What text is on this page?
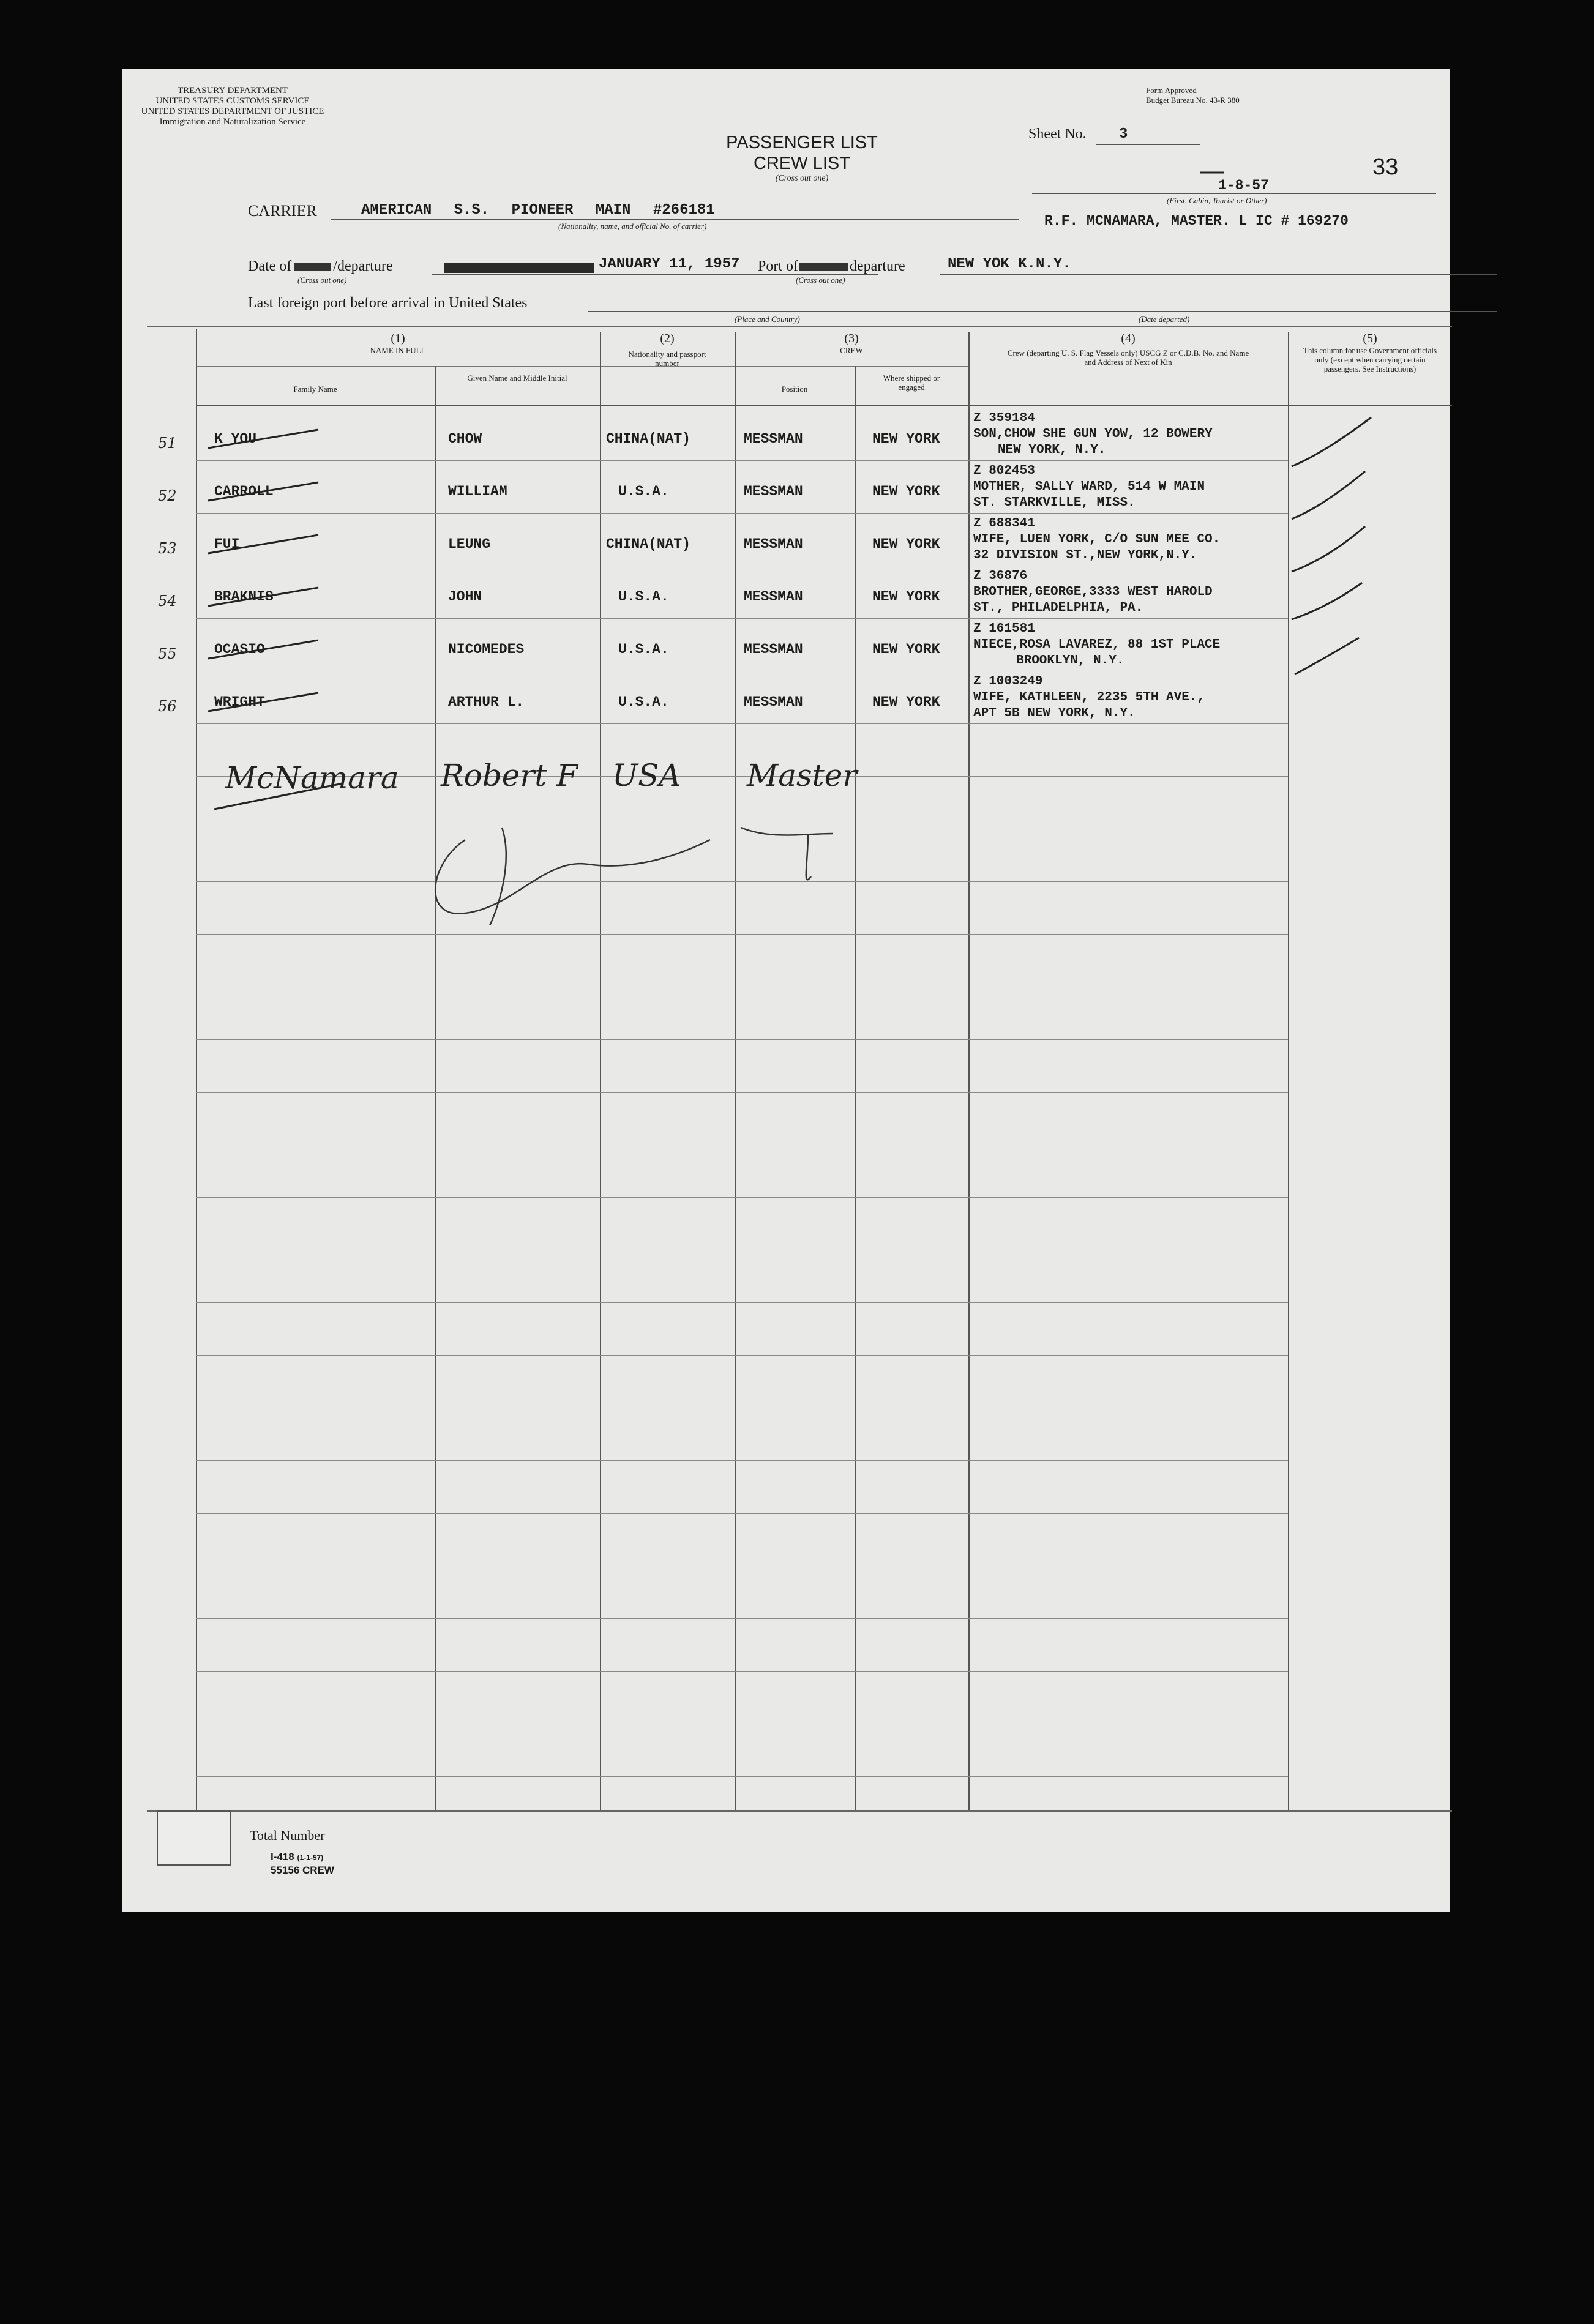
TREASURY DEPARTMENT
UNITED STATES CUSTOMS SERVICE
UNITED STATES DEPARTMENT OF JUSTICE
Immigration and Naturalization Service
Form Approved
Budget Bureau No. 43-R 380
PASSENGER LIST
CREW LIST
(Cross out one)
Sheet No. 3
33
CARRIER	AMERICAN S.S. PIONEER MAIN #266181
(Nationality, name, and official No. of carrier)
1-8-57
(First, Cabin, Tourist or Other)
R.F. MCNAMARA, MASTER. L IC # 169270
Date of	/departure
(Cross out one)
JANUARY 11, 1957 Port of	departure
(Cross out one)
NEW YOK K.N.Y.
Last foreign port before arrival in United States
(Place and Country)	(Date departed)
(1)
NAME IN FULL
Family Name
Given Name and Middle Initial
(2)
Nationality and passport number
(3)
CREW
Position
Where shipped or engaged
(4)
Crew (departing U. S. Flag Vessels only) USCG Z or C.D.B. No. and Name and Address of Next of Kin
(5)
This column for use Government officials only (except when carrying certain passengers. See Instructions)
51	K YOU	CHOW	CHINA(NAT)	MESSMAN	NEW YORK
Z 359184
SON,CHOW SHE GUN YOW, 12 BOWERY
NEW YORK, N.Y.
52	CARROLL	WILLIAM	U.S.A.	MESSMAN	NEW YORK
Z 802453
MOTHER, SALLY WARD, 514 W MAIN
ST. STARKVILLE, MISS.
53	FUI	LEUNG	CHINA(NAT)	MESSMAN	NEW YORK
Z 688341
WIFE, LUEN YORK, C/O SUN MEE CO.
32 DIVISION ST.,NEW YORK,N.Y.
54	BRAKNIS	JOHN	U.S.A.	MESSMAN	NEW YORK
Z 36876
BROTHER,GEORGE,3333 WEST HAROLD
ST., PHILADELPHIA, PA.
55	OCASIO	NICOMEDES	U.S.A.	MESSMAN	NEW YORK
Z 161581
NIECE,ROSA LAVAREZ, 88 1ST PLACE
BROOKLYN, N.Y.
56	WRIGHT	ARTHUR L.	U.S.A.	MESSMAN	NEW YORK
Z 1003249
WIFE, KATHLEEN, 2235 5TH AVE.,
APT 5B NEW YORK, N.Y.
McNamara Robert F USA Master
Total Number
I-418 (1-1-57)
55156 CREW
